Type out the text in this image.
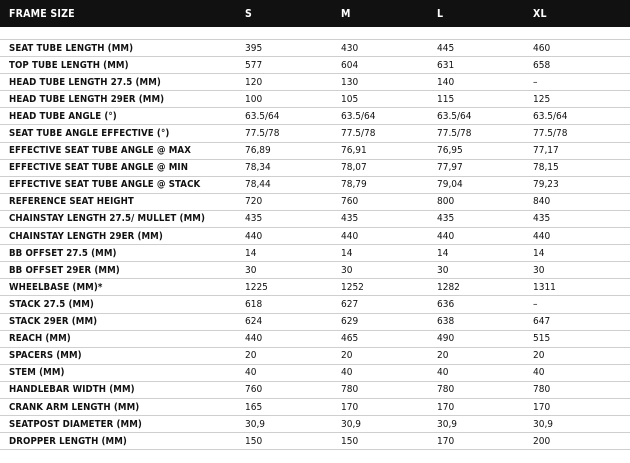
FRAME SIZE	S	M	L	XL
SEAT TUBE LENGTH (MM)	395	430	445	460
TOP TUBE LENGTH (MM)	577	604	631	658
HEAD TUBE LENGTH 27.5 (MM)	120	130	140	–
HEAD TUBE LENGTH 29ER (MM)	100	105	115	125
HEAD TUBE ANGLE (°)	63.5/64	63.5/64	63.5/64	63.5/64
SEAT TUBE ANGLE EFFECTIVE (°)	77.5/78	77.5/78	77.5/78	77.5/78
EFFECTIVE SEAT TUBE ANGLE @ MAX	76,89	76,91	76,95	77,17
EFFECTIVE SEAT TUBE ANGLE @ MIN	78,34	78,07	77,97	78,15
EFFECTIVE SEAT TUBE ANGLE @ STACK	78,44	78,79	79,04	79,23
REFERENCE SEAT HEIGHT	720	760	800	840
CHAINSTAY LENGTH 27.5/ MULLET (MM)	435	435	435	435
CHAINSTAY LENGTH 29ER (MM)	440	440	440	440
BB OFFSET 27.5 (MM)	14	14	14	14
BB OFFSET 29ER (MM)	30	30	30	30
WHEELBASE (MM)*	1225	1252	1282	1311
STACK 27.5 (MM)	618	627	636	–
STACK 29ER (MM)	624	629	638	647
REACH (MM)	440	465	490	515
SPACERS (MM)	20	20	20	20
STEM (MM)	40	40	40	40
HANDLEBAR WIDTH (MM)	760	780	780	780
CRANK ARM LENGTH (MM)	165	170	170	170
SEATPOST DIAMETER (MM)	30,9	30,9	30,9	30,9
DROPPER LENGTH (MM)	150	150	170	200
